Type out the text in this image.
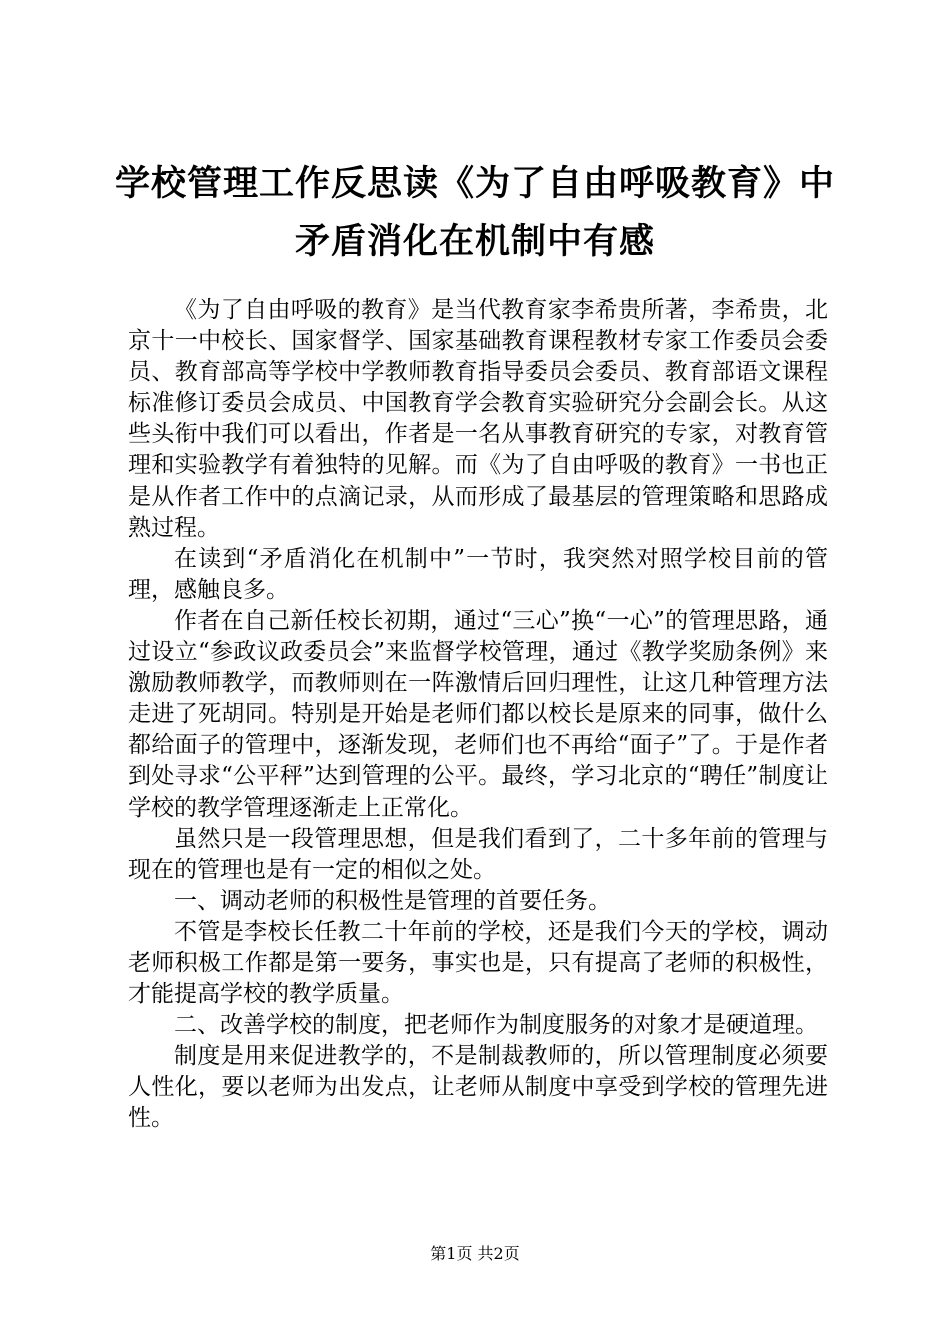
学校管理工作反思读《为了自由呼吸教育》中
矛盾消化在机制中有感

《为了自由呼吸的教育》是当代教育家李希贵所著，李希贵，北京十一中校长、国家督学、国家基础教育课程教材专家工作委员会委员、教育部高等学校中学教师教育指导委员会委员、教育部语文课程标准修订委员会成员、中国教育学会教育实验研究分会副会长。从这些头衔中我们可以看出，作者是一名从事教育研究的专家，对教育管理和实验教学有着独特的见解。而《为了自由呼吸的教育》一书也正是从作者工作中的点滴记录，从而形成了最基层的管理策略和思路成熟过程。

在读到“矛盾消化在机制中”一节时，我突然对照学校目前的管理，感触良多。

作者在自己新任校长初期，通过“三心”换“一心”的管理思路，通过设立“参政议政委员会”来监督学校管理，通过《教学奖励条例》来激励教师教学，而教师则在一阵激情后回归理性，让这几种管理方法走进了死胡同。特别是开始是老师们都以校长是原来的同事，做什么都给面子的管理中，逐渐发现，老师们也不再给“面子”了。于是作者到处寻求“公平秤”达到管理的公平。最终，学习北京的“聘任”制度让学校的教学管理逐渐走上正常化。

虽然只是一段管理思想，但是我们看到了，二十多年前的管理与现在的管理也是有一定的相似之处。

一、调动老师的积极性是管理的首要任务。

不管是李校长任教二十年前的学校，还是我们今天的学校，调动老师积极工作都是第一要务，事实也是，只有提高了老师的积极性，才能提高学校的教学质量。

二、改善学校的制度，把老师作为制度服务的对象才是硬道理。

制度是用来促进教学的，不是制裁教师的，所以管理制度必须要人性化，要以老师为出发点，让老师从制度中享受到学校的管理先进性。

第1页 共2页
